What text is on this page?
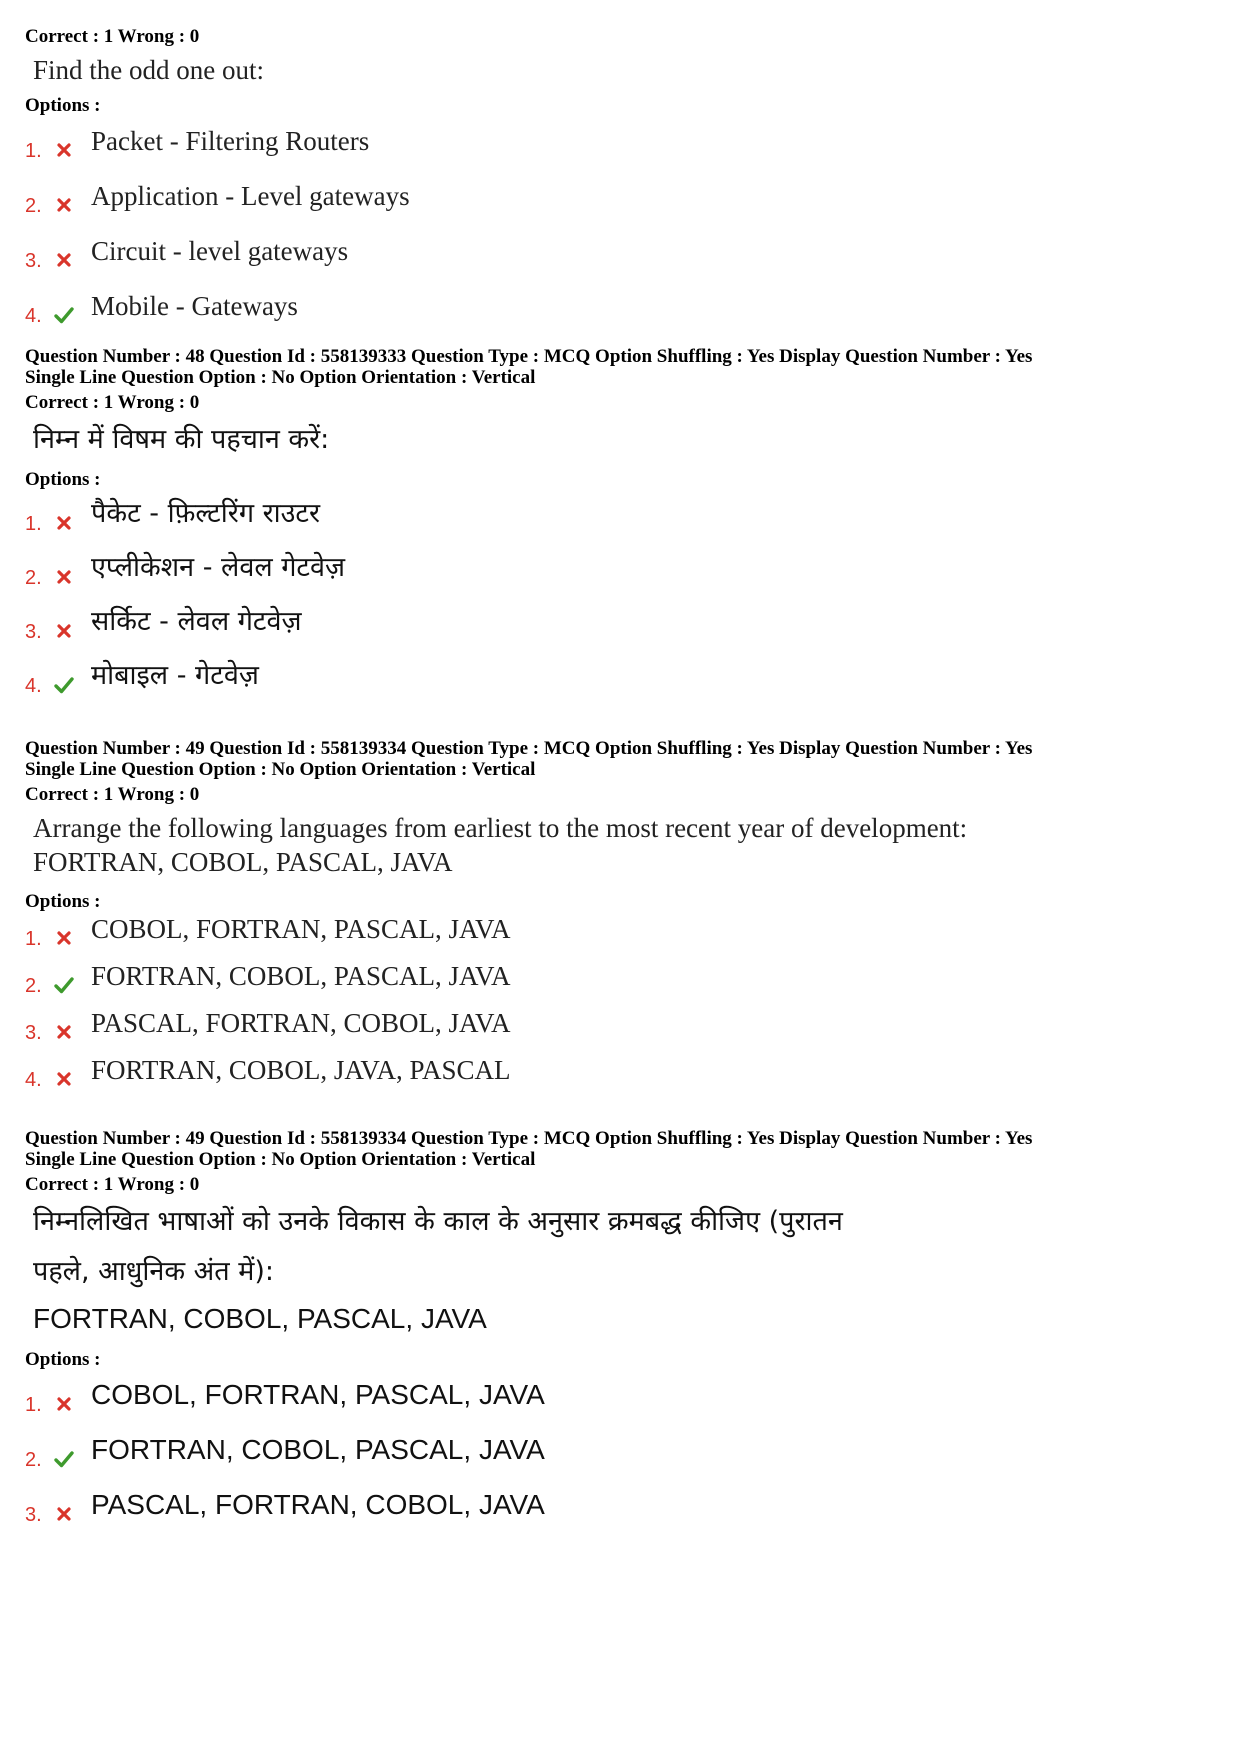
Correct : 1 Wrong : 0

Find the odd one out:

Options :

1. Packet - Filtering Routers
2. Application - Level gateways
3. Circuit - level gateways
4. Mobile - Gateways

Question Number : 48 Question Id : 558139333 Question Type : MCQ Option Shuffling : Yes Display Question Number : Yes

Single Line Question Option : No Option Orientation : Vertical

Correct : 1 Wrong : 0

निम्न में विषम की पहचान करें:

Options :

1. पैकेट - फ़िल्टरिंग राउटर
2. एप्लीकेशन - लेवल गेटवेज़
3. सर्किट - लेवल गेटवेज़
4. मोबाइल - गेटवेज़

Question Number : 49 Question Id : 558139334 Question Type : MCQ Option Shuffling : Yes Display Question Number : Yes

Single Line Question Option : No Option Orientation : Vertical

Correct : 1 Wrong : 0

Arrange the following languages from earliest to the most recent year of development:

FORTRAN, COBOL, PASCAL, JAVA

Options :

1. COBOL, FORTRAN, PASCAL, JAVA
2. FORTRAN, COBOL, PASCAL, JAVA
3. PASCAL, FORTRAN, COBOL, JAVA
4. FORTRAN, COBOL, JAVA, PASCAL

Question Number : 49 Question Id : 558139334 Question Type : MCQ Option Shuffling : Yes Display Question Number : Yes

Single Line Question Option : No Option Orientation : Vertical

Correct : 1 Wrong : 0

निम्नलिखित भाषाओं को उनके विकास के काल के अनुसार क्रमबद्ध कीजिए (पुरातन

पहले, आधुनिक अंत में):

FORTRAN, COBOL, PASCAL, JAVA

Options :

1. COBOL, FORTRAN, PASCAL, JAVA
2. FORTRAN, COBOL, PASCAL, JAVA
3. PASCAL, FORTRAN, COBOL, JAVA
